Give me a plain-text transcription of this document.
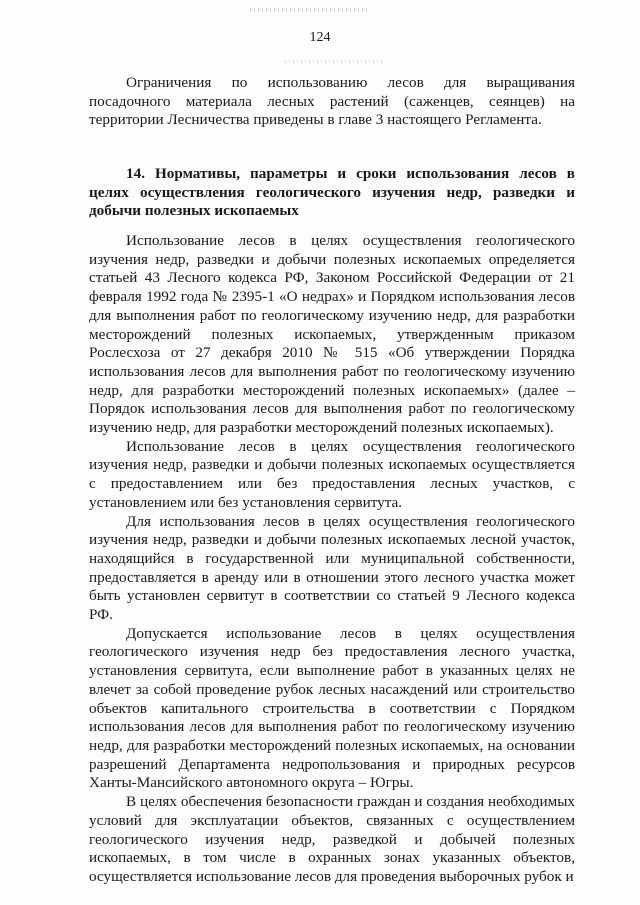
124

Ограничения по использованию лесов для выращивания посадочного материала лесных растений (саженцев, сеянцев) на территории Лесничества приведены в главе 3 настоящего Регламента.

14. Нормативы, параметры и сроки использования лесов в целях осуществления геологического изучения недр, разведки и добычи полезных ископаемых

Использование лесов в целях осуществления геологического изучения недр, разведки и добычи полезных ископаемых определяется статьей 43 Лесного кодекса РФ, Законом Российской Федерации от 21 февраля 1992 года № 2395-1 «О недрах» и Порядком использования лесов для выполнения работ по геологическому изучению недр, для разработки месторождений полезных ископаемых, утвержденным приказом Рослесхоза от 27 декабря 2010 № 515 «Об утверждении Порядка использования лесов для выполнения работ по геологическому изучению недр, для разработки месторождений полезных ископаемых» (далее – Порядок использования лесов для выполнения работ по геологическому изучению недр, для разработки месторождений полезных ископаемых).

Использование лесов в целях осуществления геологического изучения недр, разведки и добычи полезных ископаемых осуществляется с предоставлением или без предоставления лесных участков, с установлением или без установления сервитута.

Для использования лесов в целях осуществления геологического изучения недр, разведки и добычи полезных ископаемых лесной участок, находящийся в государственной или муниципальной собственности, предоставляется в аренду или в отношении этого лесного участка может быть установлен сервитут в соответствии со статьей 9 Лесного кодекса РФ.

Допускается использование лесов в целях осуществления геологического изучения недр без предоставления лесного участка, установления сервитута, если выполнение работ в указанных целях не влечет за собой проведение рубок лесных насаждений или строительство объектов капитального строительства в соответствии с Порядком использования лесов для выполнения работ по геологическому изучению недр, для разработки месторождений полезных ископаемых, на основании разрешений Департамента недропользования и природных ресурсов Ханты-Мансийского автономного округа – Югры.

В целях обеспечения безопасности граждан и создания необходимых условий для эксплуатации объектов, связанных с осуществлением геологического изучения недр, разведкой и добычей полезных ископаемых, в том числе в охранных зонах указанных объектов, осуществляется использование лесов для проведения выборочных рубок и
